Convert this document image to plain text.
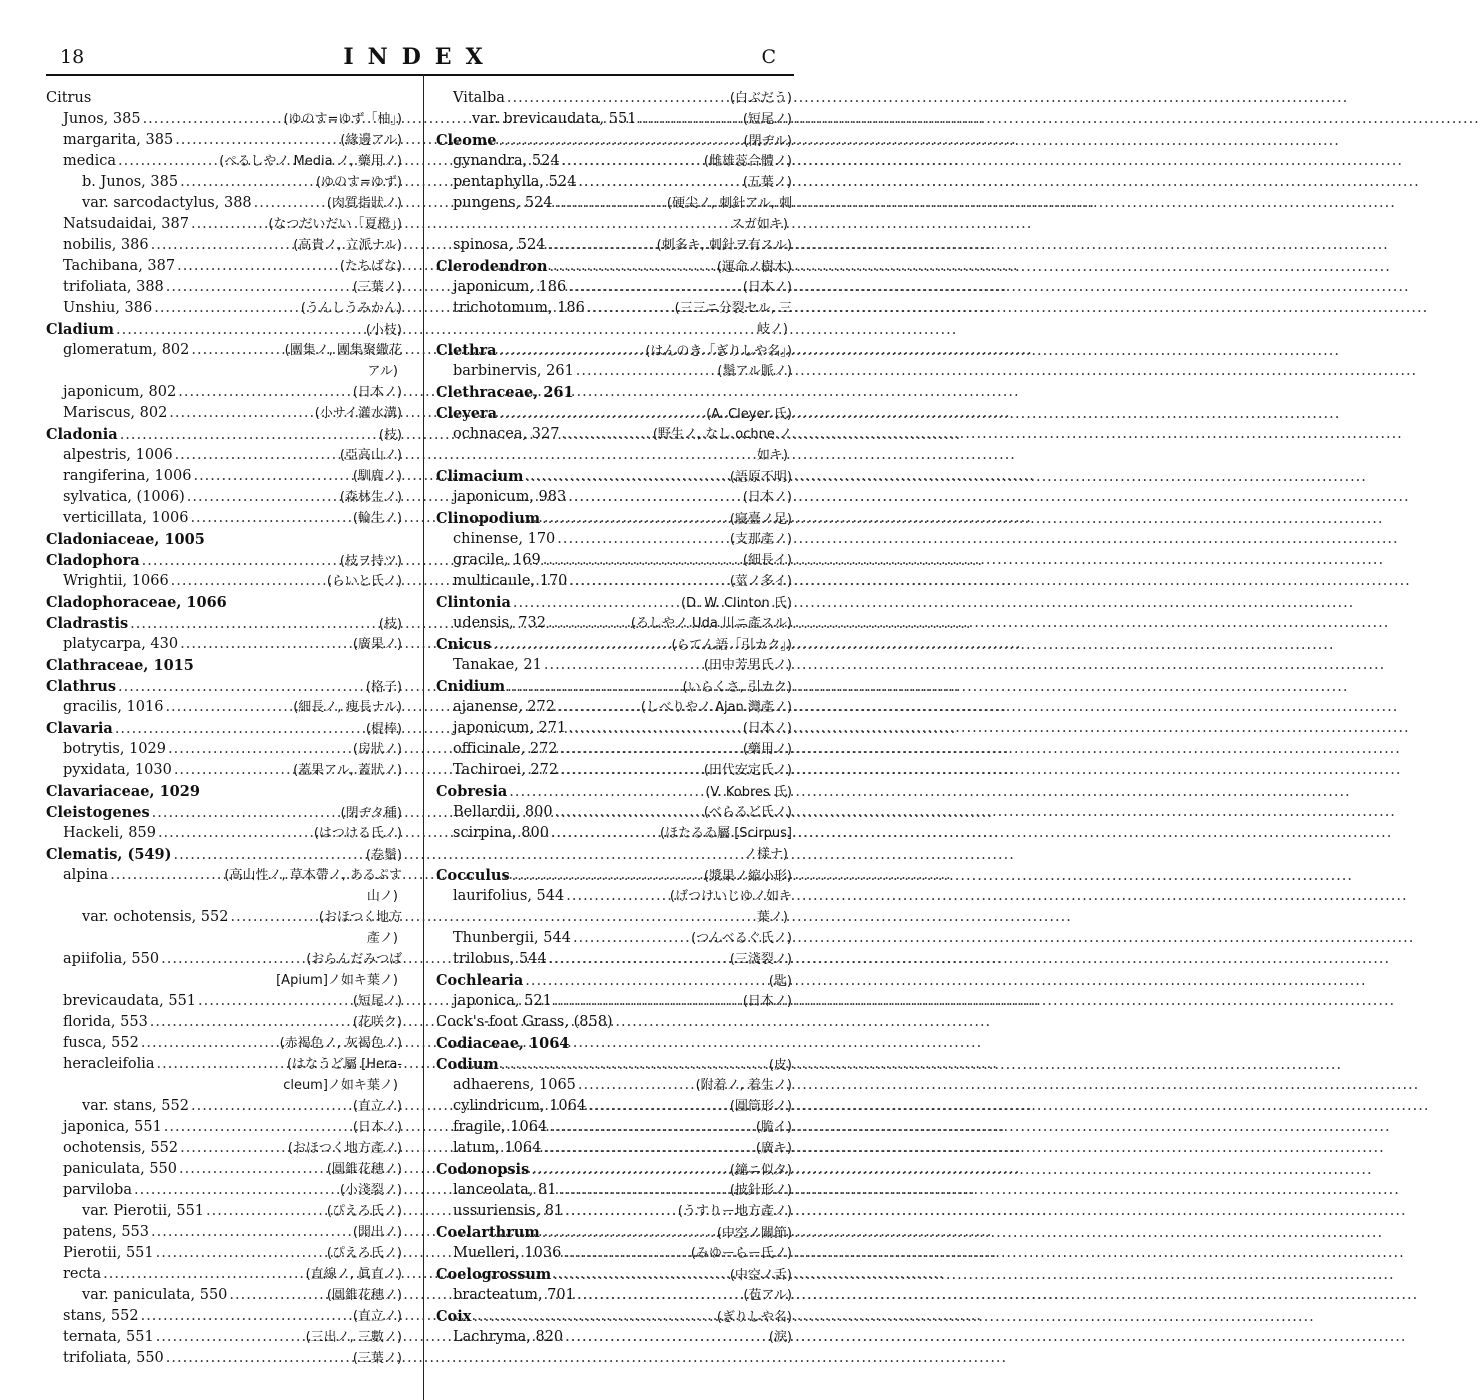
18	INDEX	C
Citrus
Junos, 385 .....	(ゆのす=ゆず「柚」)
margarita, 385 .....	(緣邊アル)
medica .....	(ぺるしやノ Media ノ, 藥用ノ)
b. Junos, 385 .....	(ゆのす=ゆず)
var. sarcodactylus, 388 .....	(肉質指狀ノ)
Natsudaidai, 387 .....	(なつだいだい「夏橙」)
nobilis, 386 .....	(高貴ノ, 立派ナル)
Tachibana, 387 .....	(たちばな)
trifoliata, 388 .....	(三葉ノ)
Unshiu, 386 .....	(うんしうみかん)
Cladium .....	(小枝)
glomeratum, 802 .....	(團集ノ, 團集聚繖花
アル)
japonicum, 802 .....	(日本ノ)
Mariscus, 802 .....	(小サイ灌水溝)
Cladonia .....	(枝)
alpestris, 1006 .....	(亞高山ノ)
rangiferina, 1006 .....	(馴鹿ノ)
sylvatica, (1006) .....	(森林生ノ)
verticillata, 1006 .....	(輪生ノ)
Cladoniaceae, 1005
Cladophora .....	(枝ヲ持ツ)
Wrightii, 1066 .....	(らいと氏ノ)
Cladophoraceae, 1066
Cladrastis .....	(枝)
platycarpa, 430 .....	(廣果ノ)
Clathraceae, 1015
Clathrus .....	(格子)
gracilis, 1016 .....	(細長ノ, 痩長ナル)
Clavaria .....	(棍棒)
botrytis, 1029 .....	(房狀ノ)
pyxidata, 1030 .....	(蓋果アル, 蓋狀ノ)
Clavariaceae, 1029
Cleistogenes .....	(閉ヂタ種)
Hackeli, 859 .....	(はつける氏ノ)
Clematis, (549) .....	(卷鬚)
alpina .....	(高山性ノ, 草本帶ノ, あるぷす
山ノ)
var. ochotensis, 552 .....	(おほつく地方
產ノ)
apiifolia, 550 .....	(おらんだみつば
[Apium]ノ如キ葉ノ)
brevicaudata, 551 .....	(短尾ノ)
florida, 553 .....	(花咲ク)
fusca, 552 .....	(赤褐色ノ, 灰褐色ノ)
heracleifolia .....	(はなうど屬 [Hera-
cleum]ノ如キ葉ノ)
var. stans, 552 .....	(直立ノ)
japonica, 551 .....	(日本ノ)
ochotensis, 552 .....	(おほつく地方產ノ)
paniculata, 550 .....	(圓錐花穗ノ)
parviloba .....	(小淺裂ノ)
var. Pierotii, 551 .....	(ぴえろ氏ノ)
patens, 553 .....	(開出ノ)
Pierotii, 551 .....	(ぴえろ氏ノ)
recta .....	(直線ノ, 眞直ノ)
var. paniculata, 550 .....	(圓錐花穗ノ)
stans, 552 .....	(直立ノ)
ternata, 551 .....	(三出ノ, 三數ノ)
trifoliata, 550 .....	(三葉ノ)
Vitalba .....	(白ぶだう)
var. brevicaudata, 551 .....	(短尾ノ)
Cleome .....	(閉ヂル)
gynandra, 524 .....	(雌雄蕊合體ノ)
pentaphylla, 524 .....	(五葉ノ)
pungens, 524 .....	(硬尖ノ, 刺針アル, 刺
スガ如キ)
spinosa, 524 .....	(刺多キ, 刺針ヲ有スル)
Clerodendron .....	(運命ノ樹木)
japonicum, 186 .....	(日本ノ)
trichotomum, 186 .....	(三三ニ分裂セル, 三
岐ノ)
Clethra .....	(はんのき「ぎりしや名」)
barbinervis, 261 .....	(鬚アル脈ノ)
Clethraceae, 261
Cleyera .....	(A. Cleyer 氏)
ochnacea, 327 .....	(野生ノ, なし ochne ノ
如キ)
Climacium .....	(語原不明)
japonicum, 983 .....	(日本ノ)
Clinopodium .....	(寢臺ノ足)
chinense, 170 .....	(支那產ノ)
gracile, 169 .....	(細長イ)
multicaule, 170 .....	(莖ノ多イ)
Clintonia .....	(D. W. Clinton 氏)
udensis, 732 .....	(ろしやノ Uda 川ニ產スル)
Cnicus .....	(らてん語「引カク」)
Tanakae, 21 .....	(田中芳男氏ノ)
Cnidium .....	(いらくさ, 引カク)
ajanense, 272 .....	(しべりやノ Ajan 灣產ノ)
japonicum, 271 .....	(日本ノ)
officinale, 272 .....	(藥用ノ)
Tachiroei, 272 .....	(田代安定氏ノ)
Cobresia .....	(V. Kobres 氏)
Bellardii, 800 .....	(べらるど氏ノ)
scirpina, 800 .....	(ほたるゐ屬 [Scirpus]
ノ樣ナ)
Cocculus .....	(漿果ノ縮小形)
laurifolius, 544 .....	(げつけいじゆノ如キ
葉ノ)
Thunbergii, 544 .....	(つんべるぐ氏ノ)
trilobus, 544 .....	(三淺裂ノ)
Cochlearia .....	(匙)
japonica, 521 .....	(日本ノ)
Cock's-foot Grass, (858)
Codiaceae, 1064
Codium .....	(皮)
adhaerens, 1065 .....	(附着ノ, 着生ノ)
cylindricum, 1064 .....	(圓筒形ノ)
fragile, 1064 .....	(脆イ)
latum, 1064 .....	(廣キ)
Codonopsis .....	(鐘ニ似タ)
lanceolata, 81 .....	(披針形ノ)
ussuriensis, 81 .....	(うすりー地方產ノ)
Coelarthrum .....	(中空ノ關節)
Muelleri, 1036 .....	(みゆーらー氏ノ)
Coelogrossum .....	(中空ノ舌)
bracteatum, 701 .....	(苞アル)
Coix .....	(ぎりしや名)
Lachryma, 820 .....	(淚)
